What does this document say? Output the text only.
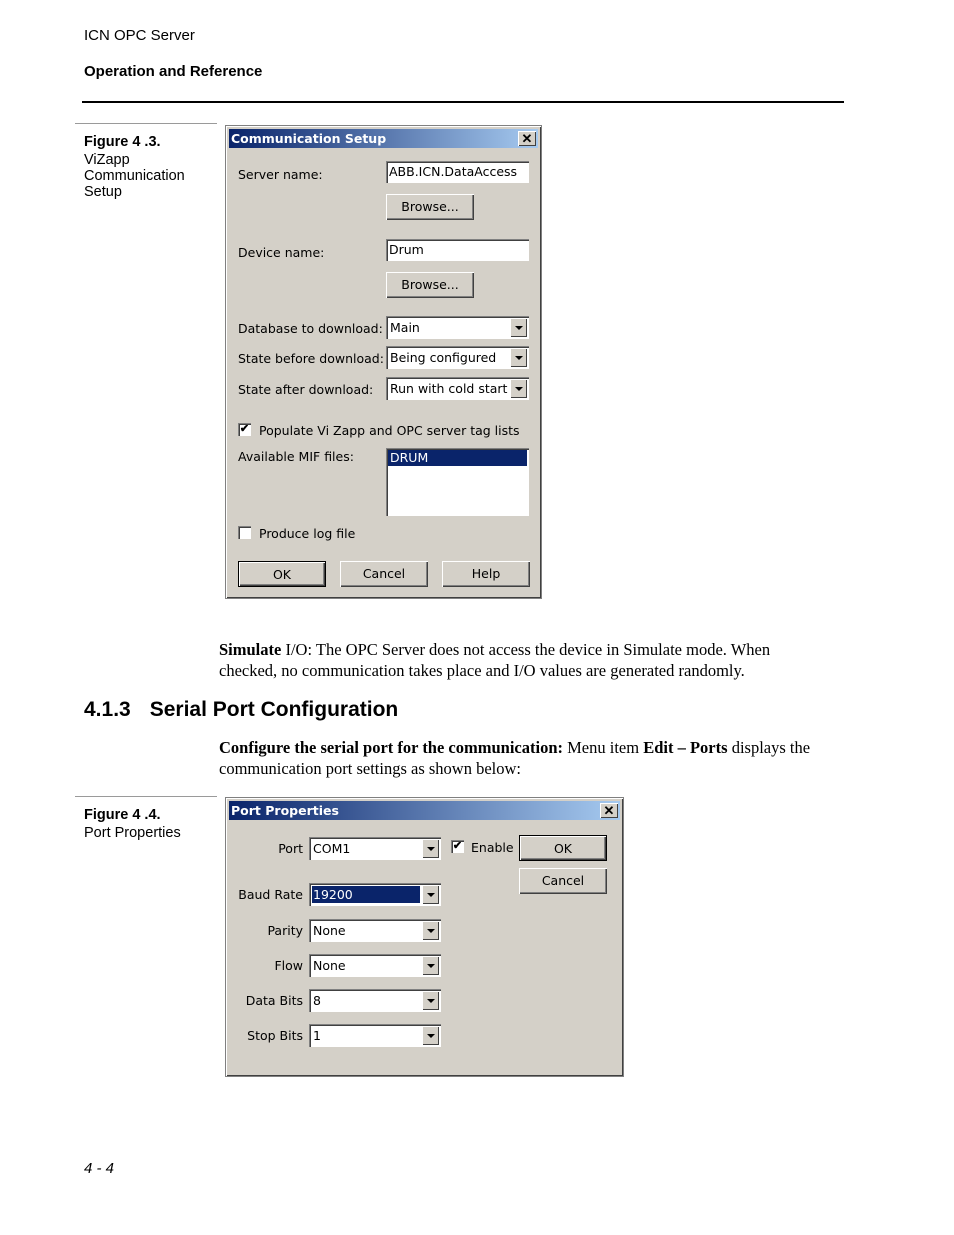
ICN OPC Server
Operation and Reference
Figure 4 .3.
ViZapp
Communication
Setup
Communication Setup	✕
Server name:	ABB.ICN.DataAccess
Browse...
Device name:	Drum
Browse...
Database to download: Main
State before download: Being configured
State after download: Run with cold start
✔ Populate Vi Zapp and OPC server tag lists
Available MIF files:	DRUM
Produce log file
OK	Cancel	Help
Simulate I/O: The OPC Server does not access the device in Simulate mode. When checked, no communication takes place and I/O values are generated randomly.
4.1.3 Serial Port Configuration
Configure the serial port for the communication: Menu item Edit – Ports displays the communication port settings as shown below:
Figure 4 .4.
Port Properties
Port Properties	✕
Port COM1	✔ Enable	OK
Cancel
Baud Rate 19200
Parity None
Flow None
Data Bits 8
Stop Bits 1
4 - 4
